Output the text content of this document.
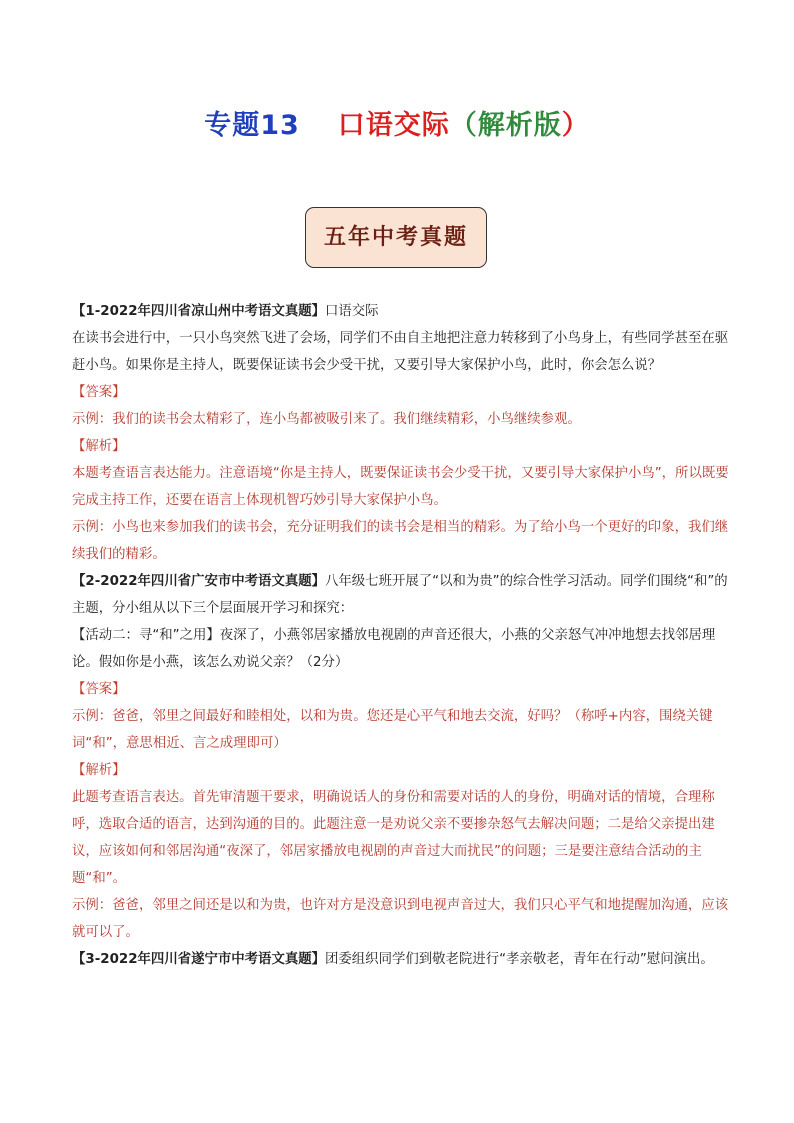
专题13 口语交际（解析版）
五年中考真题

【1-2022年四川省凉山州中考语文真题】口语交际

在读书会进行中，一只小鸟突然飞进了会场，同学们不由自主地把注意力转移到了小鸟身上，有些同学甚至在驱赶小鸟。如果你是主持人，既要保证读书会少受干扰，又要引导大家保护小鸟，此时，你会怎么说？

【答案】

示例：我们的读书会太精彩了，连小鸟都被吸引来了。我们继续精彩，小鸟继续参观。

【解析】

本题考查语言表达能力。注意语境“你是主持人，既要保证读书会少受干扰，又要引导大家保护小鸟”，所以既要完成主持工作，还要在语言上体现机智巧妙引导大家保护小鸟。

示例：小鸟也来参加我们的读书会，充分证明我们的读书会是相当的精彩。为了给小鸟一个更好的印象，我们继续我们的精彩。

【2-2022年四川省广安市中考语文真题】八年级七班开展了“以和为贵”的综合性学习活动。同学们围绕“和”的主题，分小组从以下三个层面展开学习和探究：

【活动二：寻“和”之用】夜深了，小燕邻居家播放电视剧的声音还很大，小燕的父亲怒气冲冲地想去找邻居理论。假如你是小燕，该怎么劝说父亲？（2分）

【答案】

示例：爸爸，邻里之间最好和睦相处，以和为贵。您还是心平气和地去交流，好吗？（称呼+内容，围绕关键词“和”，意思相近、言之成理即可）

【解析】

此题考查语言表达。首先审清题干要求，明确说话人的身份和需要对话的人的身份，明确对话的情境，合理称呼，选取合适的语言，达到沟通的目的。此题注意一是劝说父亲不要掺杂怒气去解决问题；二是给父亲提出建议，应该如何和邻居沟通“夜深了，邻居家播放电视剧的声音过大而扰民”的问题；三是要注意结合活动的主题“和”。

示例：爸爸，邻里之间还是以和为贵，也许对方是没意识到电视声音过大，我们只心平气和地提醒加沟通，应该就可以了。

【3-2022年四川省遂宁市中考语文真题】团委组织同学们到敬老院进行“孝亲敬老，青年在行动”慰问演出。
